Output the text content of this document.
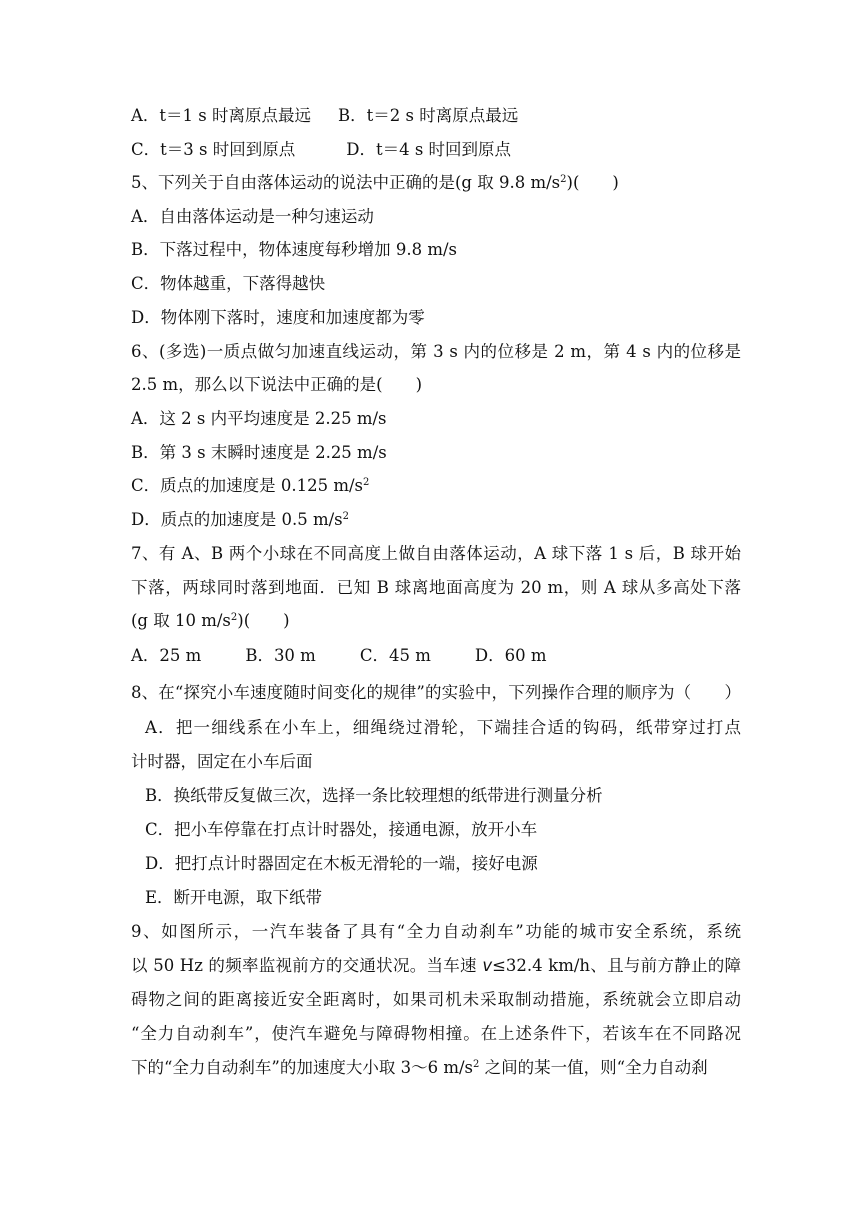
A．t＝1 s 时离原点最远 B．t＝2 s 时离原点最远
C．t＝3 s 时回到原点	D．t＝4 s 时回到原点
5、下列关于自由落体运动的说法中正确的是(g 取 9.8 $m/s^2$)(　　)
A．自由落体运动是一种匀速运动
B．下落过程中，物体速度每秒增加 9.8 m/s
C．物体越重，下落得越快
D．物体刚下落时，速度和加速度都为零
6、(多选)一质点做匀加速直线运动，第 3 s 内的位移是 2 m，第 4 s 内的位移是
2.5 m，那么以下说法中正确的是(　　)
A．这 2 s 内平均速度是 2.25 m/s
B．第 3 s 末瞬时速度是 2.25 m/s
C．质点的加速度是 0.125 $m/s^2$
D．质点的加速度是 0.5 $m/s^2$
7、有 A、B 两个小球在不同高度上做自由落体运动，A 球下落 1 s 后，B 球开始
下落，两球同时落到地面．已知 B 球离地面高度为 20 m，则 A 球从多高处下落
(g 取 10 $m/s^2$)(　　)
A．25 m	B．30 m	C．45 m	D．60 m
8、在“探究小车速度随时间变化的规律”的实验中，下列操作合理的顺序为（　　）
A．把一细线系在小车上，细绳绕过滑轮，下端挂合适的钩码，纸带穿过打点
计时器，固定在小车后面
B．换纸带反复做三次，选择一条比较理想的纸带进行测量分析
C．把小车停靠在打点计时器处，接通电源，放开小车
D．把打点计时器固定在木板无滑轮的一端，接好电源
E．断开电源，取下纸带
9、如图所示，一汽车装备了具有“全力自动刹车”功能的城市安全系统，系统
以 50 Hz 的频率监视前方的交通状况。当车速 v≤32.4 km/h、且与前方静止的障
碍物之间的距离接近安全距离时，如果司机未采取制动措施，系统就会立即启动
“全力自动刹车”，使汽车避免与障碍物相撞。在上述条件下，若该车在不同路况
下的“全力自动刹车”的加速度大小取 3～6 $m/s^2$ 之间的某一值，则“全力自动刹
